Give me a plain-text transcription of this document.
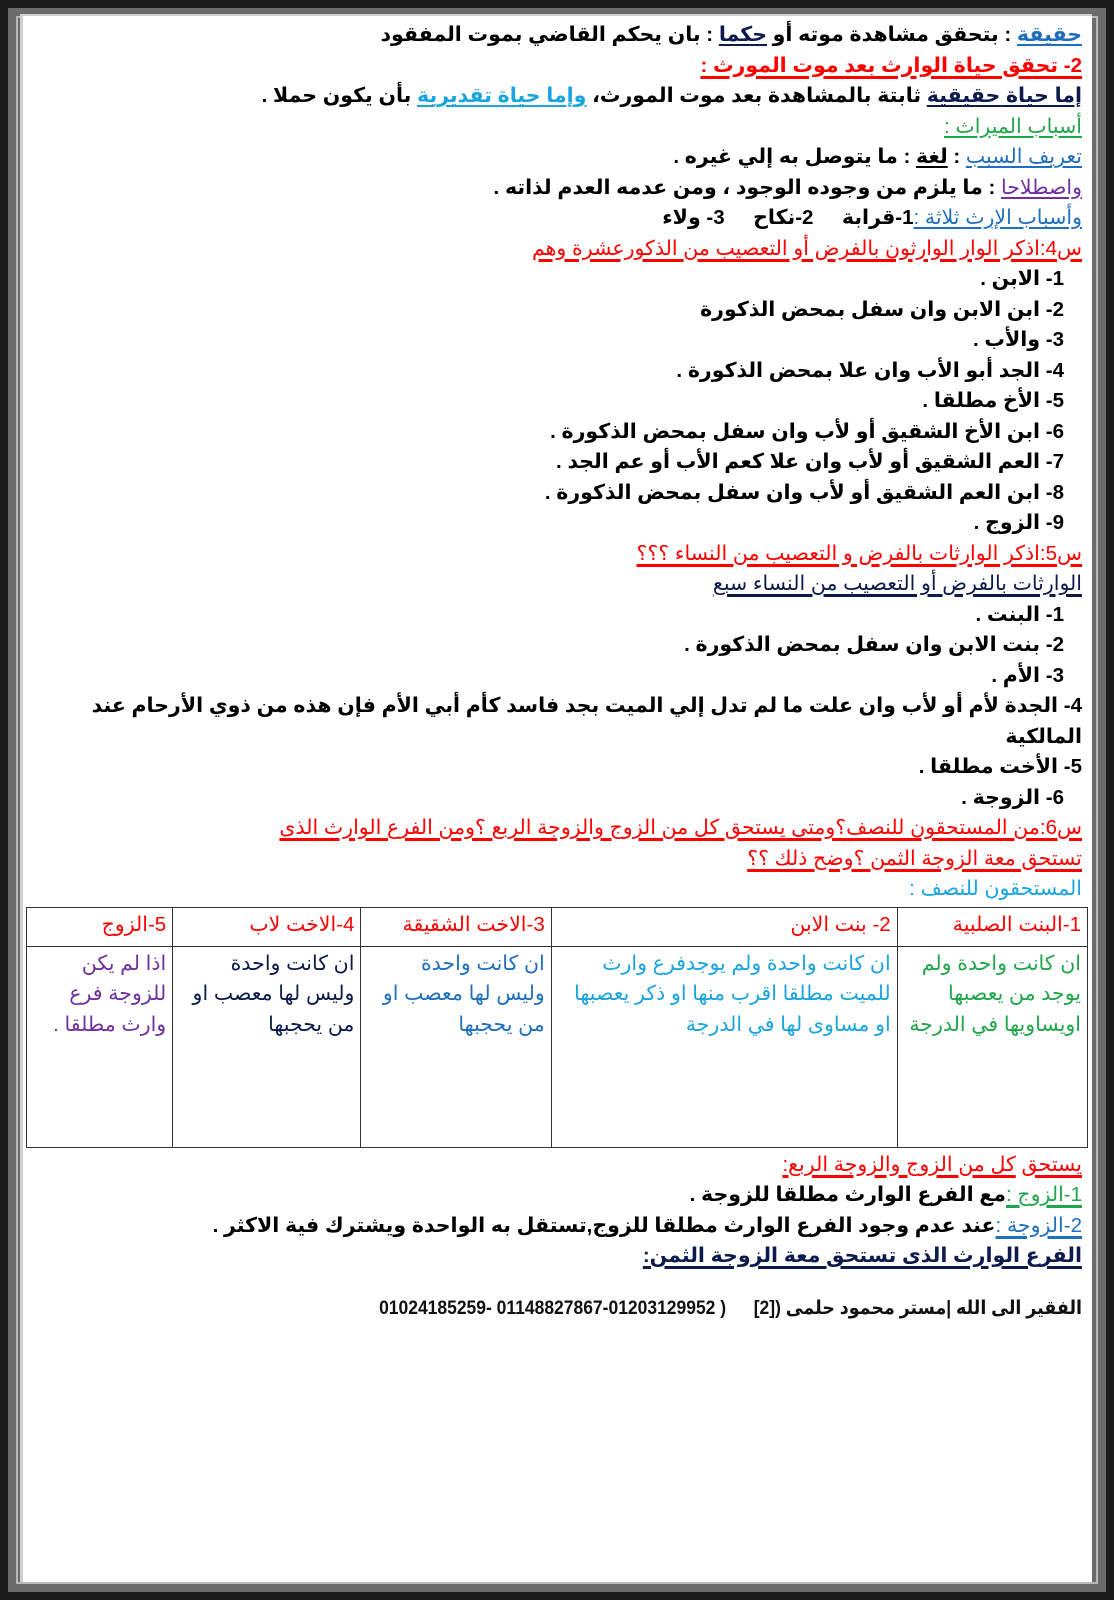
حقيقة : بتحقق مشاهدة موته أو حكما : بان يحكم القاضي بموت المفقود
2- تحقق حياة الوارث بعد موت المورث :
إما حياة حقيقية ثابتة بالمشاهدة بعد موت المورث، وإما حياة تقديرية بأن يكون حملا .
أسباب الميراث :
تعريف السبب : لغة : ما يتوصل به إلي غيره .
واصطلاحا : ما يلزم من وجوده الوجود ، ومن عدمه العدم لذاته .
وأسباب الإرث ثلاثة :1-قرابة     2-نكاح     3- ولاء
س4:اذكر الوار الوارثون بالفرض أو التعصيب من الذكورعشرة وهم
1- الابن .
2- ابن الابن وان سفل بمحض الذكورة
3- والأب .
4- الجد أبو الأب وان علا بمحض الذكورة .
5- الأخ مطلقا .
6- ابن الأخ الشقيق أو لأب وان سفل بمحض الذكورة .
7- العم الشقيق أو لأب وان علا كعم الأب أو عم الجد .
8- ابن العم الشقيق أو لأب وان سفل بمحض الذكورة .
9- الزوج .
س5:اذكر الوارثات بالفرض و التعصيب من النساء ؟؟؟
الوارثات بالفرض أو التعصيب من النساء سبع
1- البنت .
2- بنت الابن وان سفل بمحض الذكورة .
3- الأم .
4- الجدة لأم أو لأب وان علت ما لم تدل إلي الميت بجد فاسد كأم أبي الأم فإن هذه من ذوي الأرحام عند المالكية
5- الأخت مطلقا .
6- الزوجة .
س6:من المستحقون للنصف؟ومتى يستحق كل من الزوج والزوجة الربع ؟ومن الفرع الوارث الذى
تستحق معة الزوجة الثمن ؟وضح ذلك ؟؟
المستحقون للنصف :
1-البنت الصلبية	2- بنت الابن	3-الاخت الشقيقة	4-الاخت لاب	5-الزوج
ان كانت واحدة ولم يوجد من يعصبها اويساويها في الدرجة	ان كانت واحدة ولم يوجدفرع وارث للميت مطلقا اقرب منها او ذكر يعصبها او مساوى لها في الدرجة	ان كانت واحدة وليس لها معصب او من يحجبها	ان كانت واحدة وليس لها معصب او من يحجبها	اذا لم يكن للزوجة فرع وارث مطلقا .
يستحق كل من الزوج والزوجة الربع:
1-الزوج :مع الفرع الوارث مطلقا للزوجة .
2-الزوجة :عند عدم وجود الفرع الوارث مطلقا للزوج,تستقل به الواحدة ويشترك فية الاكثر .
الفرع الوارث الذى تستحق معة الزوجة الثمن:
الفقير الى الله |مستر محمود حلمى (01024185259- 01148827867-01203129952 ) [2]
